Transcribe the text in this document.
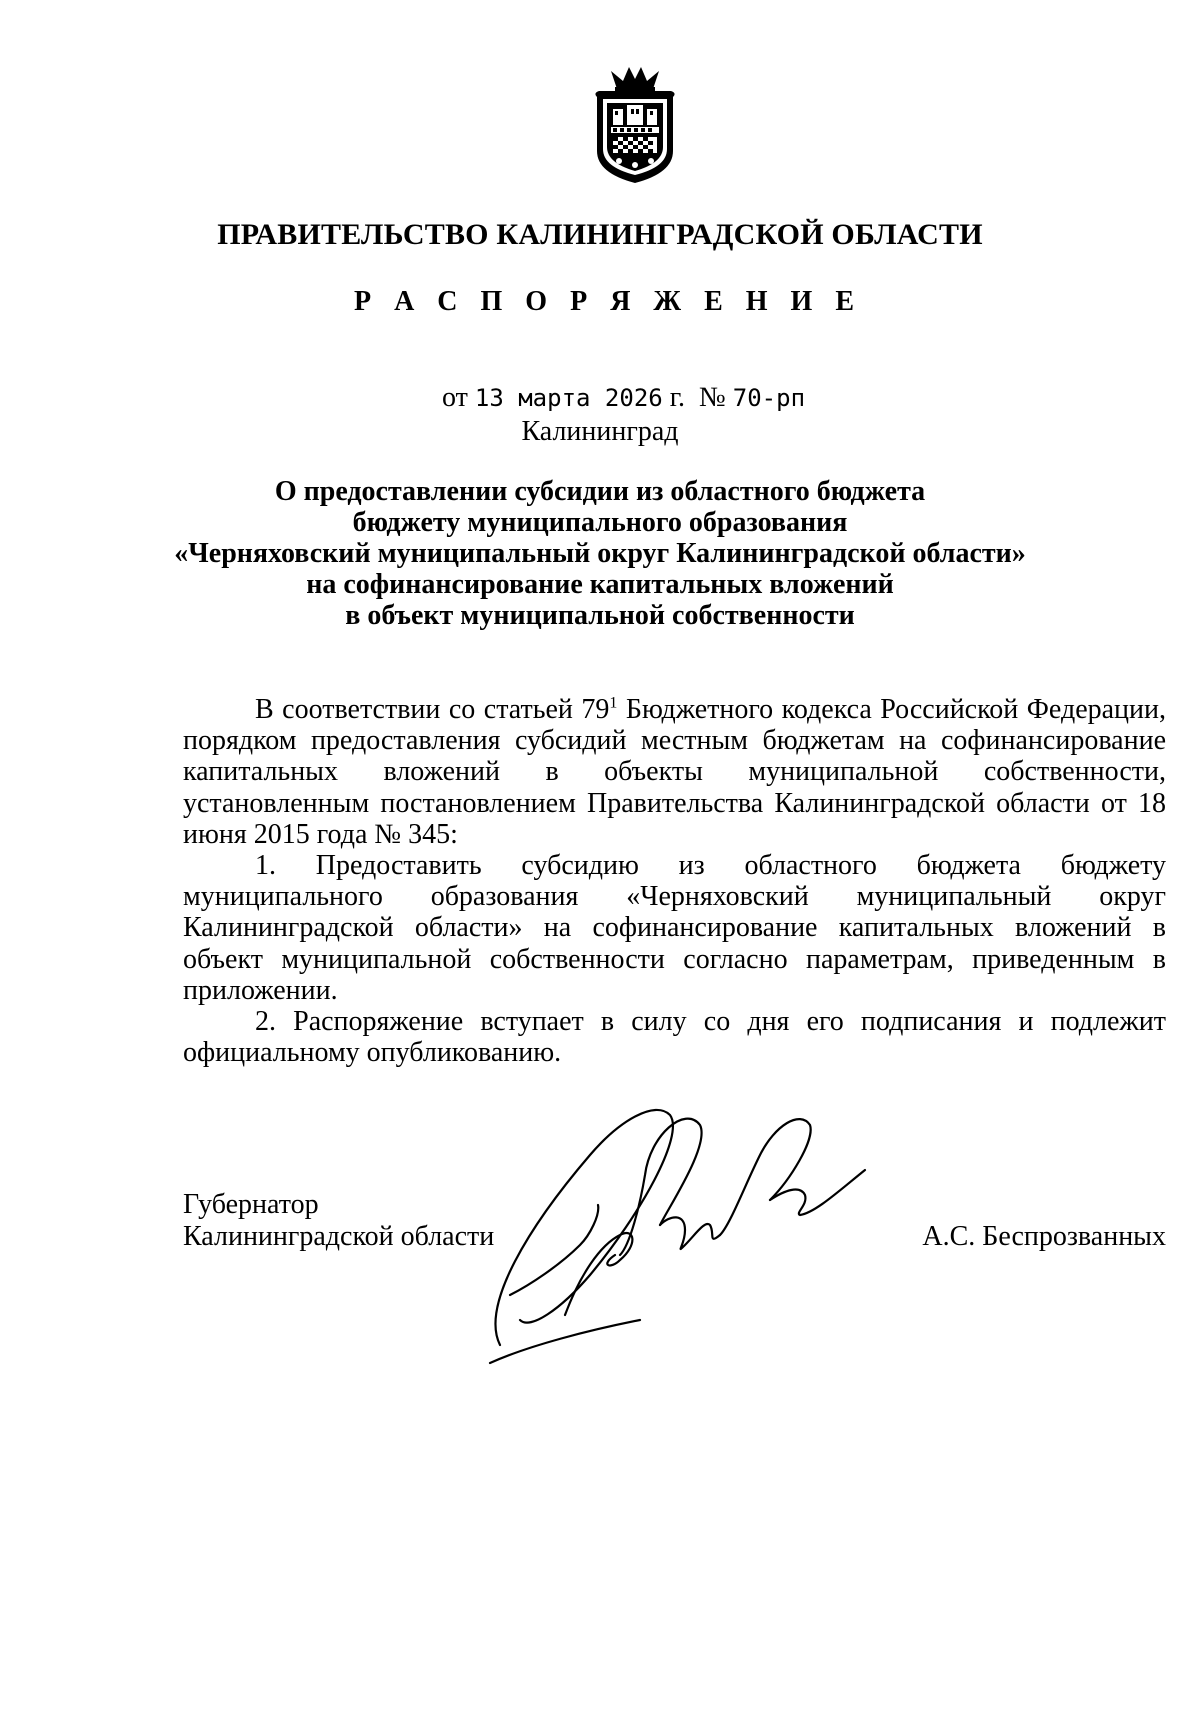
ПРАВИТЕЛЬСТВО КАЛИНИНГРАДСКОЙ ОБЛАСТИ
Р А С П О Р Я Ж Е Н И Е
от 13 марта 2026 г. № 70-рп
Калининград
О предоставлении субсидии из областного бюджета
бюджету муниципального образования
«Черняховский муниципальный округ Калининградской области»
на софинансирование капитальных вложений
в объект муниципальной собственности

В соответствии со статьей $79^1$ Бюджетного кодекса Российской Федерации, порядком предоставления субсидий местным бюджетам на софинансирование капитальных вложений в объекты муниципальной собственности, установленным постановлением Правительства Калининградской области от 18 июня 2015 года № 345:

1. Предоставить субсидию из областного бюджета бюджету муниципального образования «Черняховский муниципальный округ Калининградской области» на софинансирование капитальных вложений в объект муниципальной собственности согласно параметрам, приведенным в приложении.

2. Распоряжение вступает в силу со дня его подписания и подлежит официальному опубликованию.

Губернатор
Калининградской области	А.С. Беспрозванных
